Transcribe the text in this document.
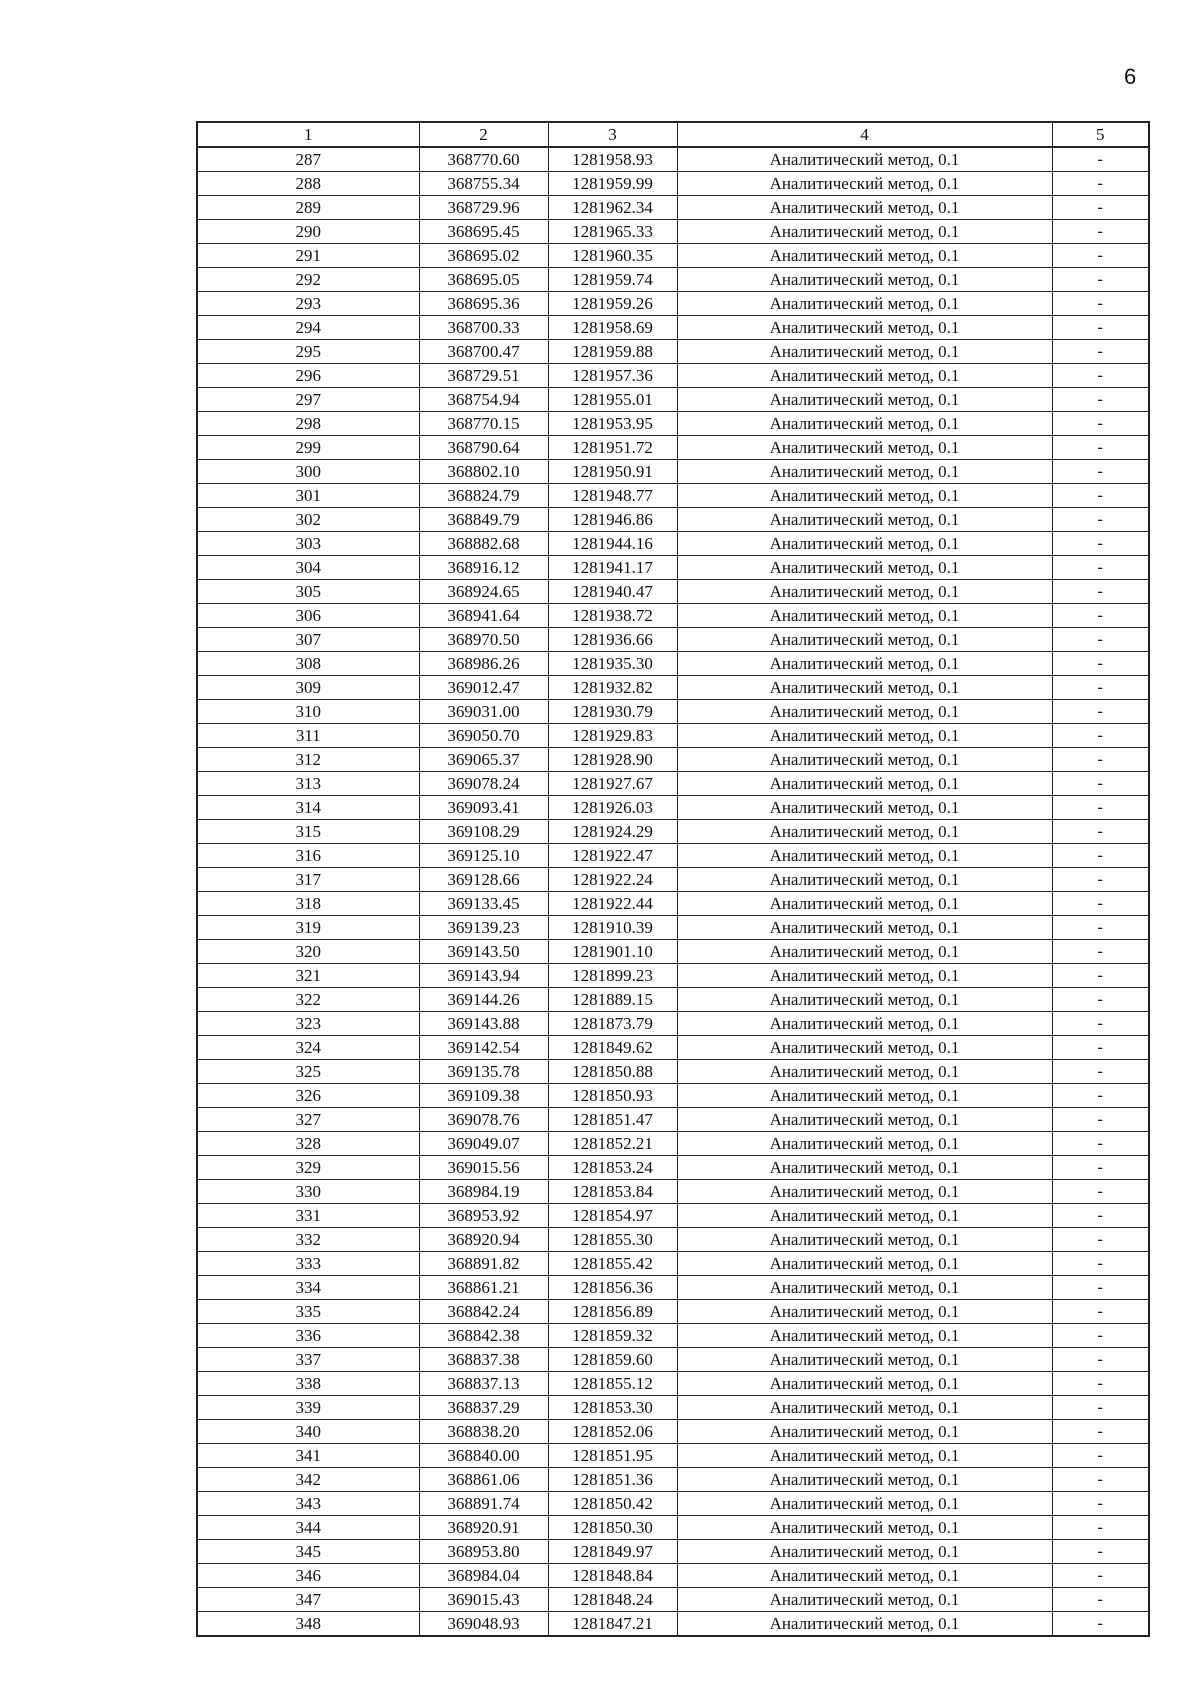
6
1	2	3	4	5
287	368770.60	1281958.93	Аналитический метод, 0.1	-
288	368755.34	1281959.99	Аналитический метод, 0.1	-
289	368729.96	1281962.34	Аналитический метод, 0.1	-
290	368695.45	1281965.33	Аналитический метод, 0.1	-
291	368695.02	1281960.35	Аналитический метод, 0.1	-
292	368695.05	1281959.74	Аналитический метод, 0.1	-
293	368695.36	1281959.26	Аналитический метод, 0.1	-
294	368700.33	1281958.69	Аналитический метод, 0.1	-
295	368700.47	1281959.88	Аналитический метод, 0.1	-
296	368729.51	1281957.36	Аналитический метод, 0.1	-
297	368754.94	1281955.01	Аналитический метод, 0.1	-
298	368770.15	1281953.95	Аналитический метод, 0.1	-
299	368790.64	1281951.72	Аналитический метод, 0.1	-
300	368802.10	1281950.91	Аналитический метод, 0.1	-
301	368824.79	1281948.77	Аналитический метод, 0.1	-
302	368849.79	1281946.86	Аналитический метод, 0.1	-
303	368882.68	1281944.16	Аналитический метод, 0.1	-
304	368916.12	1281941.17	Аналитический метод, 0.1	-
305	368924.65	1281940.47	Аналитический метод, 0.1	-
306	368941.64	1281938.72	Аналитический метод, 0.1	-
307	368970.50	1281936.66	Аналитический метод, 0.1	-
308	368986.26	1281935.30	Аналитический метод, 0.1	-
309	369012.47	1281932.82	Аналитический метод, 0.1	-
310	369031.00	1281930.79	Аналитический метод, 0.1	-
311	369050.70	1281929.83	Аналитический метод, 0.1	-
312	369065.37	1281928.90	Аналитический метод, 0.1	-
313	369078.24	1281927.67	Аналитический метод, 0.1	-
314	369093.41	1281926.03	Аналитический метод, 0.1	-
315	369108.29	1281924.29	Аналитический метод, 0.1	-
316	369125.10	1281922.47	Аналитический метод, 0.1	-
317	369128.66	1281922.24	Аналитический метод, 0.1	-
318	369133.45	1281922.44	Аналитический метод, 0.1	-
319	369139.23	1281910.39	Аналитический метод, 0.1	-
320	369143.50	1281901.10	Аналитический метод, 0.1	-
321	369143.94	1281899.23	Аналитический метод, 0.1	-
322	369144.26	1281889.15	Аналитический метод, 0.1	-
323	369143.88	1281873.79	Аналитический метод, 0.1	-
324	369142.54	1281849.62	Аналитический метод, 0.1	-
325	369135.78	1281850.88	Аналитический метод, 0.1	-
326	369109.38	1281850.93	Аналитический метод, 0.1	-
327	369078.76	1281851.47	Аналитический метод, 0.1	-
328	369049.07	1281852.21	Аналитический метод, 0.1	-
329	369015.56	1281853.24	Аналитический метод, 0.1	-
330	368984.19	1281853.84	Аналитический метод, 0.1	-
331	368953.92	1281854.97	Аналитический метод, 0.1	-
332	368920.94	1281855.30	Аналитический метод, 0.1	-
333	368891.82	1281855.42	Аналитический метод, 0.1	-
334	368861.21	1281856.36	Аналитический метод, 0.1	-
335	368842.24	1281856.89	Аналитический метод, 0.1	-
336	368842.38	1281859.32	Аналитический метод, 0.1	-
337	368837.38	1281859.60	Аналитический метод, 0.1	-
338	368837.13	1281855.12	Аналитический метод, 0.1	-
339	368837.29	1281853.30	Аналитический метод, 0.1	-
340	368838.20	1281852.06	Аналитический метод, 0.1	-
341	368840.00	1281851.95	Аналитический метод, 0.1	-
342	368861.06	1281851.36	Аналитический метод, 0.1	-
343	368891.74	1281850.42	Аналитический метод, 0.1	-
344	368920.91	1281850.30	Аналитический метод, 0.1	-
345	368953.80	1281849.97	Аналитический метод, 0.1	-
346	368984.04	1281848.84	Аналитический метод, 0.1	-
347	369015.43	1281848.24	Аналитический метод, 0.1	-
348	369048.93	1281847.21	Аналитический метод, 0.1	-
